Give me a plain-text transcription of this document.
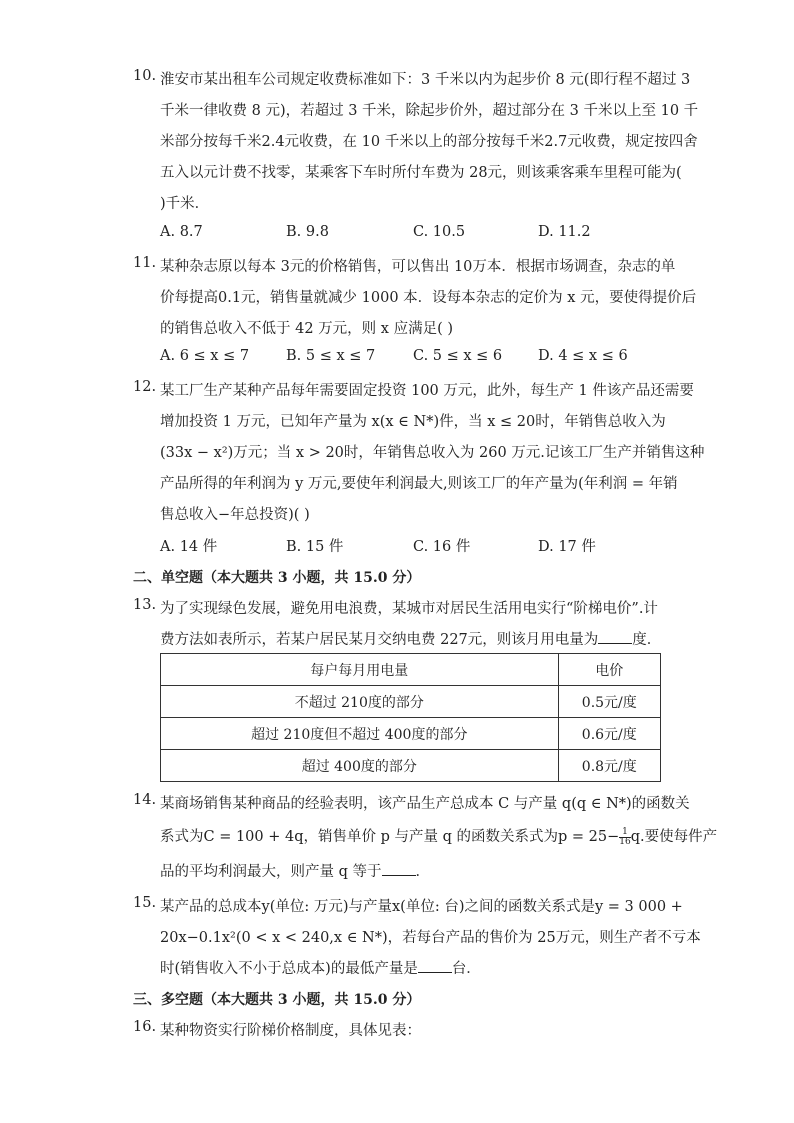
10. 淮安市某出租车公司规定收费标准如下：3 千米以内为起步价 8 元(即行程不超过 3
千米一律收费 8 元)，若超过 3 千米，除起步价外，超过部分在 3 千米以上至 10 千
米部分按每千米2.4元收费，在 10 千米以上的部分按每千米2.7元收费，规定按四舍
五入以元计费不找零，某乘客下车时所付车费为 28元，则该乘客乘车里程可能为(
)千米．
A. 8.7	B. 9.8	C. 10.5	D. 11.2
11. 某种杂志原以每本 3元的价格销售，可以售出 10万本．根据市场调查，杂志的单
价每提高0.1元，销售量就减少 1000 本．设每本杂志的定价为 x 元，要使得提价后
的销售总收入不低于 42 万元，则 x 应满足( )
A. 6 ≤ x ≤ 7	B. 5 ≤ x ≤ 7	C. 5 ≤ x ≤ 6 D. 4 ≤ x ≤ 6
12. 某工厂生产某种产品每年需要固定投资 100 万元，此外，每生产 1 件该产品还需要
增加投资 1 万元，已知年产量为 x(x ∈ N*)件，当 x ≤ 20时，年销售总收入为
(33x − x²)万元；当 x > 20时，年销售总收入为 260 万元.记该工厂生产并销售这种
产品所得的年利润为 y 万元,要使年利润最大,则该工厂的年产量为(年利润 = 年销
售总收入−年总投资)( )
A. 14 件	B. 15 件	C. 16 件	D. 17 件
二、单空题（本大题共 3 小题，共 15.0 分）
13. 为了实现绿色发展，避免用电浪费，某城市对居民生活用电实行“阶梯电价”.计
费方法如表所示，若某户居民某月交纳电费 227元，则该月用电量为 度．
每户每月用电量	电价
不超过 210度的部分	0.5元/度
超过 210度但不超过 400度的部分	0.6元/度
超过 400度的部分	0.8元/度
14. 某商场销售某种商品的经验表明，该产品生产总成本 C 与产量 q(q ∈ N*)的函数关
系式为C = 100 + 4q，销售单价 p 与产量 q 的函数关系式为$p = 25- \frac{1}{16} q$.要使每件产
品的平均利润最大，则产量 q 等于 ．
15. 某产品的总成本y(单位: 万元)与产量x(单位: 台)之间的函数关系式是y = 3 000 +
20x−0.1x²(0 < x < 240,x ∈ N*)，若每台产品的售价为 25万元，则生产者不亏本
时(销售收入不小于总成本)的最低产量是 台．
三、多空题（本大题共 3 小题，共 15.0 分）
16. 某种物资实行阶梯价格制度，具体见表：
